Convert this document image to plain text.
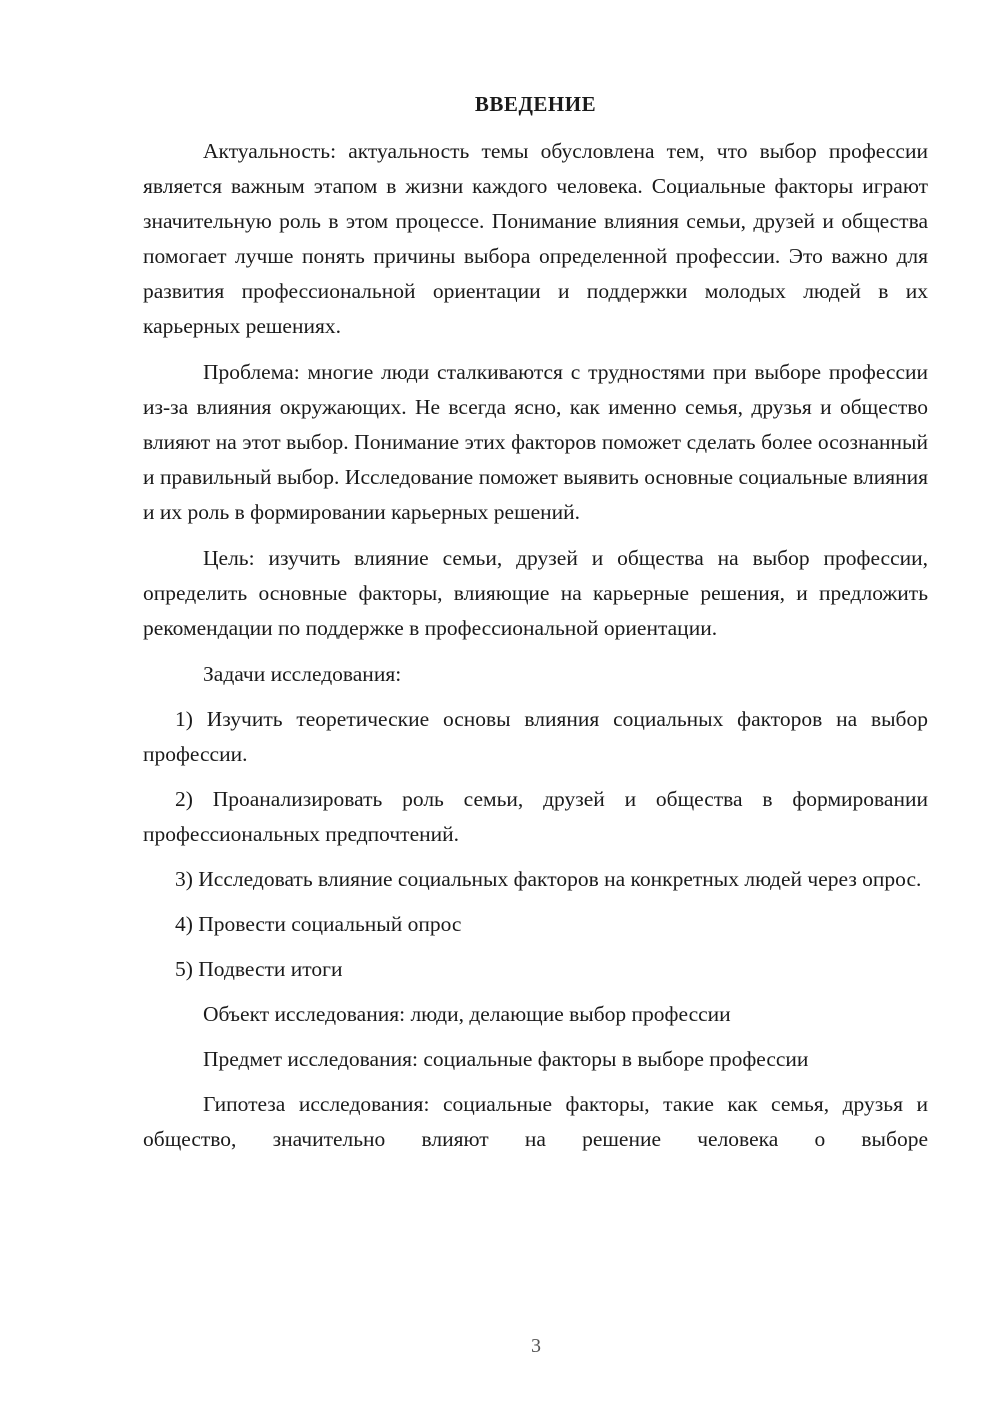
ВВЕДЕНИЕ

Актуальность: актуальность темы обусловлена тем, что выбор профессии является важным этапом в жизни каждого человека. Социальные факторы играют значительную роль в этом процессе. Понимание влияния семьи, друзей и общества помогает лучше понять причины выбора определенной профессии. Это важно для развития профессиональной ориентации и поддержки молодых людей в их карьерных решениях.

Проблема: многие люди сталкиваются с трудностями при выборе профессии из-за влияния окружающих. Не всегда ясно, как именно семья, друзья и общество влияют на этот выбор. Понимание этих факторов поможет сделать более осознанный и правильный выбор. Исследование поможет выявить основные социальные влияния и их роль в формировании карьерных решений.

Цель: изучить влияние семьи, друзей и общества на выбор профессии, определить основные факторы, влияющие на карьерные решения, и предложить рекомендации по поддержке в профессиональной ориентации.

Задачи исследования:

1) Изучить теоретические основы влияния социальных факторов на выбор профессии.

2) Проанализировать роль семьи, друзей и общества в формировании профессиональных предпочтений.

3) Исследовать влияние социальных факторов на конкретных людей через опрос.

4) Провести социальный опрос

5) Подвести итоги

Объект исследования: люди, делающие выбор профессии

Предмет исследования: социальные факторы в выборе профессии

Гипотеза исследования: социальные факторы, такие как семья, друзья и общество, значительно влияют на решение человека о выборе

3
